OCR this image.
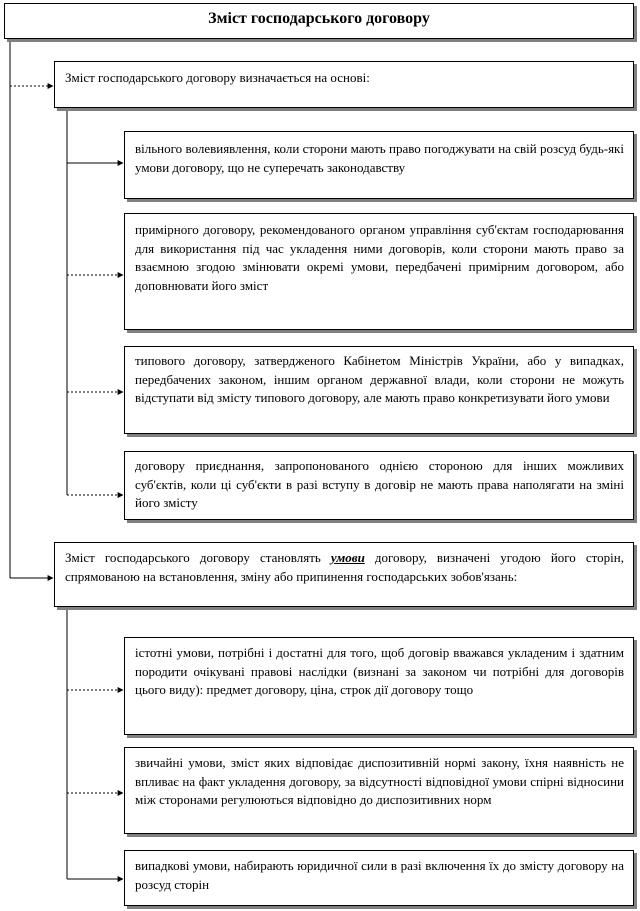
Зміст господарського договору
Зміст господарського договору визначається на основі:
вільного волевиявлення, коли сторони мають право погоджувати на свій розсуд будь-які умови договору, що не суперечать законодавству
примірного договору, рекомендованого органом управління суб'єктам господарювання для використання під час укладення ними договорів, коли сторони мають право за взаємною згодою змінювати окремі умови, передбачені примірним договором, або доповнювати його зміст
типового договору, затвердженого Кабінетом Міністрів України, або у випадках, передбачених законом, іншим органом державної влади, коли сторони не можуть відступати від змісту типового договору, але мають право конкретизувати його умови
договору приєднання, запропонованого однією стороною для інших можливих суб'єктів, коли ці суб'єкти в разі вступу в договір не мають права наполягати на зміні його змісту
Зміст господарського договору становлять умови договору, визначені угодою його сторін, спрямованою на встановлення, зміну або припинення господарських зобов'язань:
істотні умови, потрібні і достатні для того, щоб договір вважався укладеним і здатним породити очікувані правові наслідки (визнані за законом чи потрібні для договорів цього виду): предмет договору, ціна, строк дії договору тощо
звичайні умови, зміст яких відповідає диспозитивній нормі закону, їхня наявність не впливає на факт укладення договору, за відсутності відповідної умови спірні відносини між сторонами регулюються відповідно до диспозитивних норм
випадкові умови, набирають юридичної сили в разі включення їх до змісту договору на розсуд сторін
